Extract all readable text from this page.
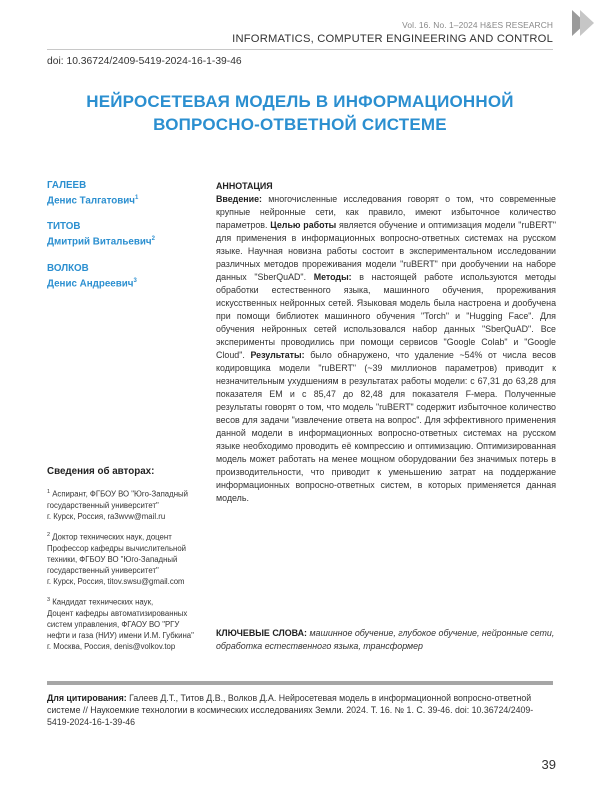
Vol. 16. No. 1–2024 H&ES RESEARCH
INFORMATICS, COMPUTER ENGINEERING AND CONTROL
doi: 10.36724/2409-5419-2024-16-1-39-46
НЕЙРОСЕТЕВАЯ МОДЕЛЬ В ИНФОРМАЦИОННОЙ
ВОПРОСНО-ОТВЕТНОЙ СИСТЕМЕ
ГАЛЕЕВ
Денис Талгатович$^1$
ТИТОВ
Дмитрий Витальевич$^2$
ВОЛКОВ
Денис Андреевич$^3$
Сведения об авторах:
$^1$ Аспирант, ФГБОУ ВО "Юго-Западный
государственный университет"
г. Курск, Россия, ra3wvw@mail.ru
$^2$ Доктор технических наук, доцент
Профессор кафедры вычислительной
техники, ФГБОУ ВО "Юго-Западный
государственный университет"
г. Курск, Россия, titov.swsu@gmail.com
$^3$ Кандидат технических наук,
Доцент кафедры автоматизированных
систем управления, ФГАОУ ВО "РГУ
нефти и газа (НИУ) имени И.М. Губкина"
г. Москва, Россия, denis@volkov.top
АННОТАЦИЯ
Введение: многочисленные исследования говорят о том, что современные крупные нейронные сети, как правило, имеют избыточное количество параметров. Целью работы является обучение и оптимизация модели "ruBERT" для применения в информационных вопросно-ответных системах на русском языке. Научная новизна работы состоит в экспериментальном исследовании различных методов прореживания модели "ruBERT" при дообучении на наборе данных "SberQuAD". Методы: в настоящей работе используются методы обработки естественного языка, машинного обучения, прореживания искусственных нейронных сетей. Языковая модель была настроена и дообучена при помощи библиотек машинного обучения "Torch" и "Hugging Face". Для обучения нейронных сетей использовался набор данных "SberQuAD". Все эксперименты проводились при помощи сервисов "Google Colab" и "Google Cloud". Результаты: было обнаружено, что удаление ~54% от числа весов кодировщика модели "ruBERT" (~39 миллионов параметров) приводит к незначительным ухудшениям в результатах работы модели: с 67,31 до 63,28 для показателя EM и с 85,47 до 82,48 для показателя F-мера. Полученные результаты говорят о том, что модель "ruBERT" содержит избыточное количество весов для задачи "извлечение ответа на вопрос". Для эффективного применения данной модели в информационных вопросно-ответных системах на русском языке необходимо проводить её компрессию и оптимизацию. Оптимизированная модель может работать на менее мощном оборудовании без значимых потерь в производительности, что приводит к уменьшению затрат на поддержание информационных вопросно-ответных систем, в которых применяется данная модель.
КЛЮЧЕВЫЕ СЛОВА: машинное обучение, глубокое обучение, нейронные сети, обработка естественного языка, трансформер
Для цитирования: Галеев Д.Т., Титов Д.В., Волков Д.А. Нейросетевая модель в информационной вопросно-ответной системе // Наукоемкие технологии в космических исследованиях Земли. 2024. Т. 16. № 1. С. 39-46. doi: 10.36724/2409-5419-2024-16-1-39-46
39
